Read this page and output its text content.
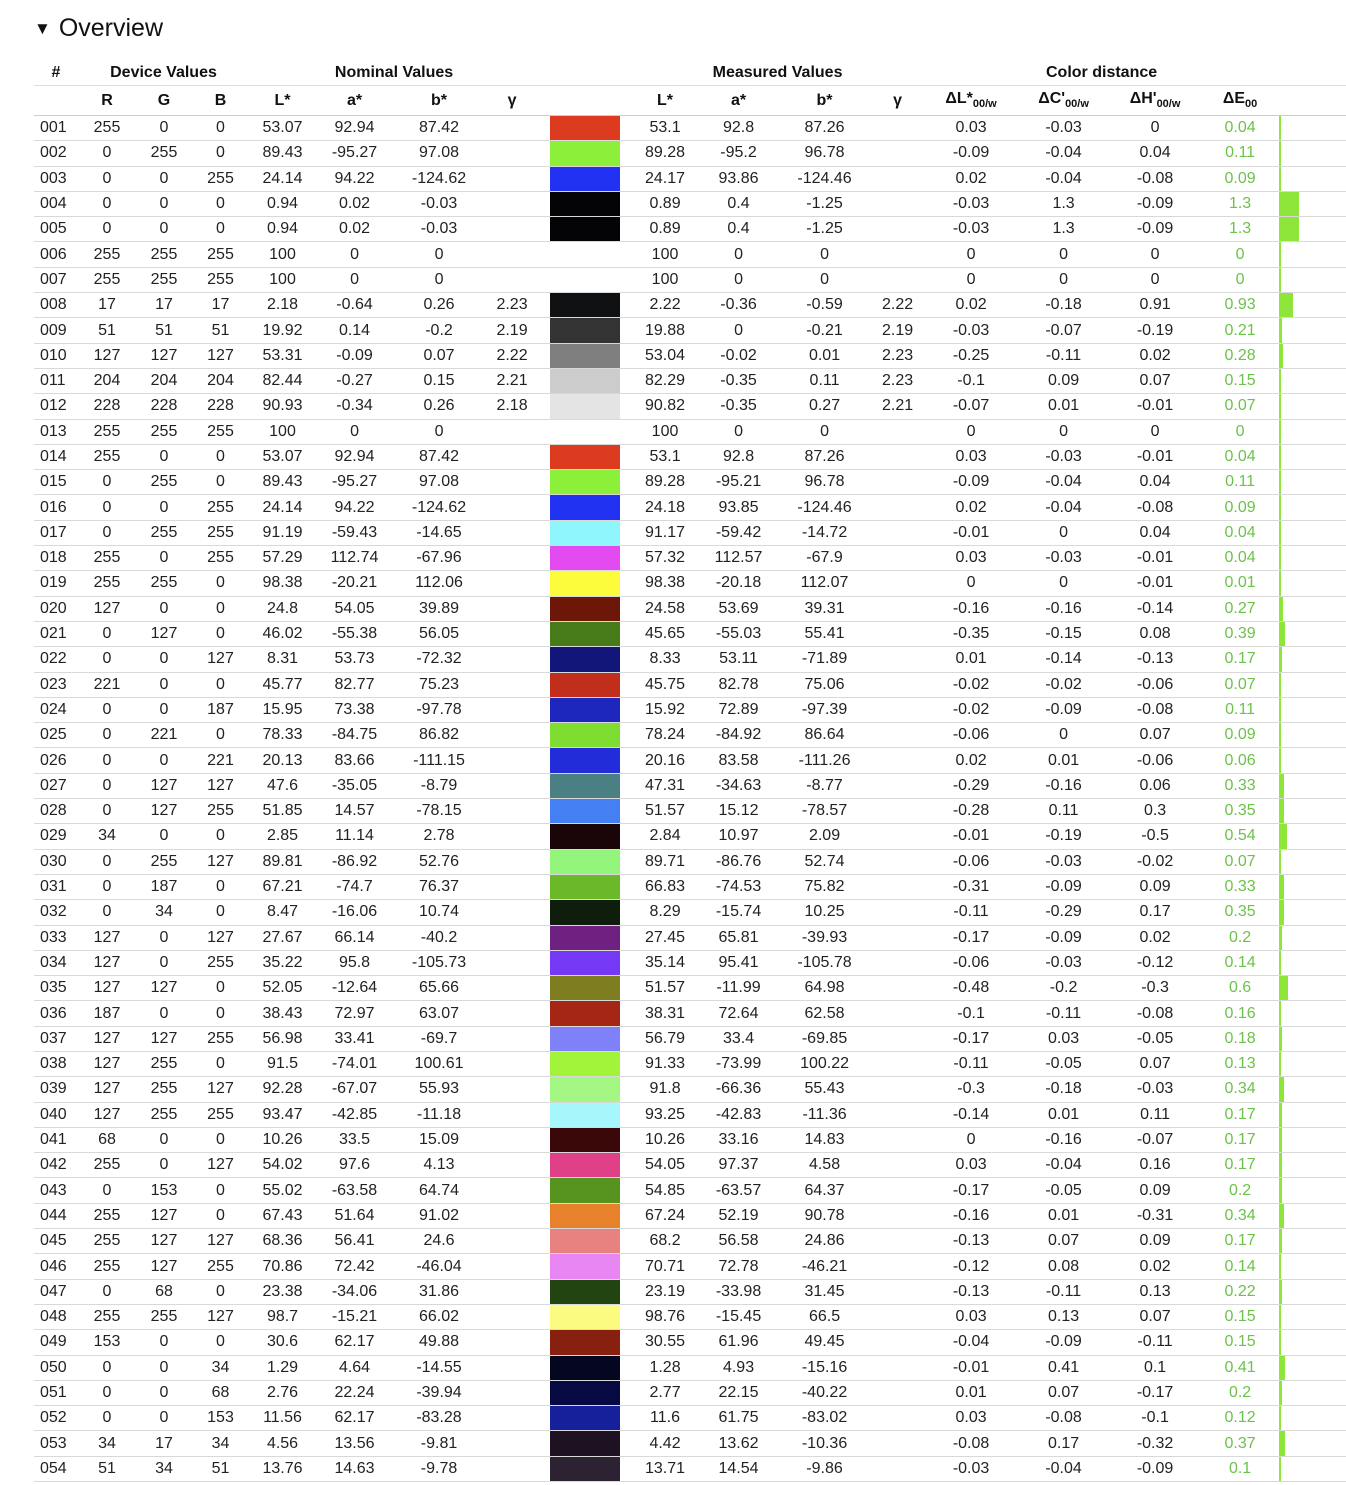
▼ Overview
#	Device Values			Nominal Values					Measured Values				Color distance				
	R	G	B	L*	a*	b*	γ		L*	a*	b*	γ	$\Delta L*_{00/w}$	$\Delta C'_{00/w}$	$\Delta H'_{00/w}$	$\Delta E_{00}$	
001	255	0	0	53.07	92.94	87.42			53.1	92.8	87.26		0.03	-0.03	0	0.04	

002	0	255	0	89.43	-95.27	97.08			89.28	-95.2	96.78		-0.09	-0.04	0.04	0.11	

003	0	0	255	24.14	94.22	-124.62			24.17	93.86	-124.46		0.02	-0.04	-0.08	0.09	

004	0	0	0	0.94	0.02	-0.03			0.89	0.4	-1.25		-0.03	1.3	-0.09	1.3	

005	0	0	0	0.94	0.02	-0.03			0.89	0.4	-1.25		-0.03	1.3	-0.09	1.3	

006	255	255	255	100	0	0			100	0	0		0	0	0	0	

007	255	255	255	100	0	0			100	0	0		0	0	0	0	

008	17	17	17	2.18	-0.64	0.26	2.23		2.22	-0.36	-0.59	2.22	0.02	-0.18	0.91	0.93	

009	51	51	51	19.92	0.14	-0.2	2.19		19.88	0	-0.21	2.19	-0.03	-0.07	-0.19	0.21	

010	127	127	127	53.31	-0.09	0.07	2.22		53.04	-0.02	0.01	2.23	-0.25	-0.11	0.02	0.28	

011	204	204	204	82.44	-0.27	0.15	2.21		82.29	-0.35	0.11	2.23	-0.1	0.09	0.07	0.15	

012	228	228	228	90.93	-0.34	0.26	2.18		90.82	-0.35	0.27	2.21	-0.07	0.01	-0.01	0.07	

013	255	255	255	100	0	0			100	0	0		0	0	0	0	

014	255	0	0	53.07	92.94	87.42			53.1	92.8	87.26		0.03	-0.03	-0.01	0.04	

015	0	255	0	89.43	-95.27	97.08			89.28	-95.21	96.78		-0.09	-0.04	0.04	0.11	

016	0	0	255	24.14	94.22	-124.62			24.18	93.85	-124.46		0.02	-0.04	-0.08	0.09	

017	0	255	255	91.19	-59.43	-14.65			91.17	-59.42	-14.72		-0.01	0	0.04	0.04	

018	255	0	255	57.29	112.74	-67.96			57.32	112.57	-67.9		0.03	-0.03	-0.01	0.04	

019	255	255	0	98.38	-20.21	112.06			98.38	-20.18	112.07		0	0	-0.01	0.01	

020	127	0	0	24.8	54.05	39.89			24.58	53.69	39.31		-0.16	-0.16	-0.14	0.27	

021	0	127	0	46.02	-55.38	56.05			45.65	-55.03	55.41		-0.35	-0.15	0.08	0.39	

022	0	0	127	8.31	53.73	-72.32			8.33	53.11	-71.89		0.01	-0.14	-0.13	0.17	

023	221	0	0	45.77	82.77	75.23			45.75	82.78	75.06		-0.02	-0.02	-0.06	0.07	

024	0	0	187	15.95	73.38	-97.78			15.92	72.89	-97.39		-0.02	-0.09	-0.08	0.11	

025	0	221	0	78.33	-84.75	86.82			78.24	-84.92	86.64		-0.06	0	0.07	0.09	

026	0	0	221	20.13	83.66	-111.15			20.16	83.58	-111.26		0.02	0.01	-0.06	0.06	

027	0	127	127	47.6	-35.05	-8.79			47.31	-34.63	-8.77		-0.29	-0.16	0.06	0.33	

028	0	127	255	51.85	14.57	-78.15			51.57	15.12	-78.57		-0.28	0.11	0.3	0.35	

029	34	0	0	2.85	11.14	2.78			2.84	10.97	2.09		-0.01	-0.19	-0.5	0.54	

030	0	255	127	89.81	-86.92	52.76			89.71	-86.76	52.74		-0.06	-0.03	-0.02	0.07	

031	0	187	0	67.21	-74.7	76.37			66.83	-74.53	75.82		-0.31	-0.09	0.09	0.33	

032	0	34	0	8.47	-16.06	10.74			8.29	-15.74	10.25		-0.11	-0.29	0.17	0.35	

033	127	0	127	27.67	66.14	-40.2			27.45	65.81	-39.93		-0.17	-0.09	0.02	0.2	

034	127	0	255	35.22	95.8	-105.73			35.14	95.41	-105.78		-0.06	-0.03	-0.12	0.14	

035	127	127	0	52.05	-12.64	65.66			51.57	-11.99	64.98		-0.48	-0.2	-0.3	0.6	

036	187	0	0	38.43	72.97	63.07			38.31	72.64	62.58		-0.1	-0.11	-0.08	0.16	

037	127	127	255	56.98	33.41	-69.7			56.79	33.4	-69.85		-0.17	0.03	-0.05	0.18	

038	127	255	0	91.5	-74.01	100.61			91.33	-73.99	100.22		-0.11	-0.05	0.07	0.13	

039	127	255	127	92.28	-67.07	55.93			91.8	-66.36	55.43		-0.3	-0.18	-0.03	0.34	

040	127	255	255	93.47	-42.85	-11.18			93.25	-42.83	-11.36		-0.14	0.01	0.11	0.17	

041	68	0	0	10.26	33.5	15.09			10.26	33.16	14.83		0	-0.16	-0.07	0.17	

042	255	0	127	54.02	97.6	4.13			54.05	97.37	4.58		0.03	-0.04	0.16	0.17	

043	0	153	0	55.02	-63.58	64.74			54.85	-63.57	64.37		-0.17	-0.05	0.09	0.2	

044	255	127	0	67.43	51.64	91.02			67.24	52.19	90.78		-0.16	0.01	-0.31	0.34	

045	255	127	127	68.36	56.41	24.6			68.2	56.58	24.86		-0.13	0.07	0.09	0.17	

046	255	127	255	70.86	72.42	-46.04			70.71	72.78	-46.21		-0.12	0.08	0.02	0.14	

047	0	68	0	23.38	-34.06	31.86			23.19	-33.98	31.45		-0.13	-0.11	0.13	0.22	

048	255	255	127	98.7	-15.21	66.02			98.76	-15.45	66.5		0.03	0.13	0.07	0.15	

049	153	0	0	30.6	62.17	49.88			30.55	61.96	49.45		-0.04	-0.09	-0.11	0.15	

050	0	0	34	1.29	4.64	-14.55			1.28	4.93	-15.16		-0.01	0.41	0.1	0.41	

051	0	0	68	2.76	22.24	-39.94			2.77	22.15	-40.22		0.01	0.07	-0.17	0.2	

052	0	0	153	11.56	62.17	-83.28			11.6	61.75	-83.02		0.03	-0.08	-0.1	0.12	

053	34	17	34	4.56	13.56	-9.81			4.42	13.62	-10.36		-0.08	0.17	-0.32	0.37	

054	51	34	51	13.76	14.63	-9.78			13.71	14.54	-9.86		-0.03	-0.04	-0.09	0.1	
